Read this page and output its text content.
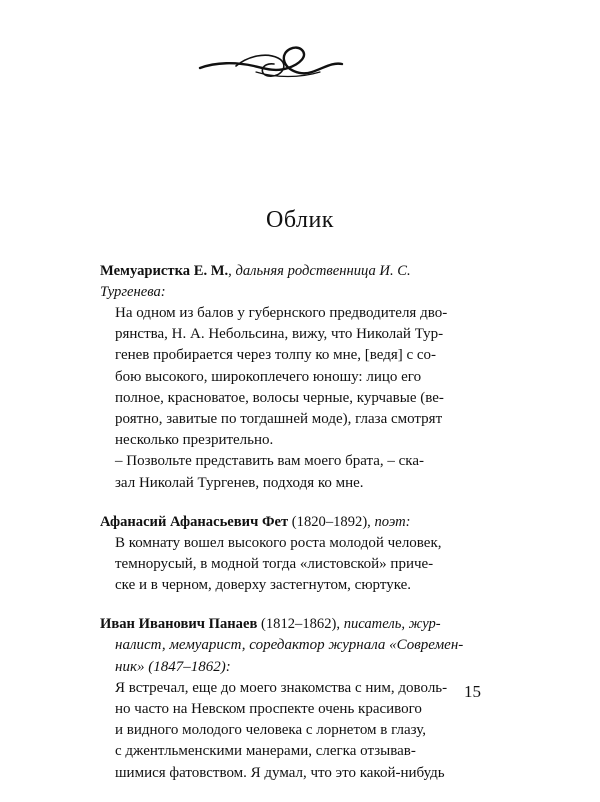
Облик
Мемуаристка Е. М., дальняя родственница И. С. Тургенева:
На одном из балов у губернского предводителя дво-
рянства, Н. А. Небольсина, вижу, что Николай Тур-
генев пробирается через толпу ко мне, [ведя] с со-
бою высокого, широкоплечего юношу: лицо его
полное, красноватое, волосы черные, курчавые (ве-
роятно, завитые по тогдашней моде), глаза смотрят
несколько презрительно.
– Позвольте представить вам моего брата, – ска-
зал Николай Тургенев, подходя ко мне.
Афанасий Афанасьевич Фет (1820–1892), поэт:
В комнату вошел высокого роста молодой человек,
темнорусый, в модной тогда «листовской» приче-
ске и в черном, доверху застегнутом, сюртуке.
Иван Иванович Панаев (1812–1862), писатель, жур-
налист, мемуарист, соредактор журнала «Современ-
ник» (1847–1862):
Я встречал, еще до моего знакомства с ним, доволь-
но часто на Невском проспекте очень красивого
и видного молодого человека с лорнетом в глазу,
с джентльменскими манерами, слегка отзывав-
шимися фатовством. Я думал, что это какой-нибудь
15
